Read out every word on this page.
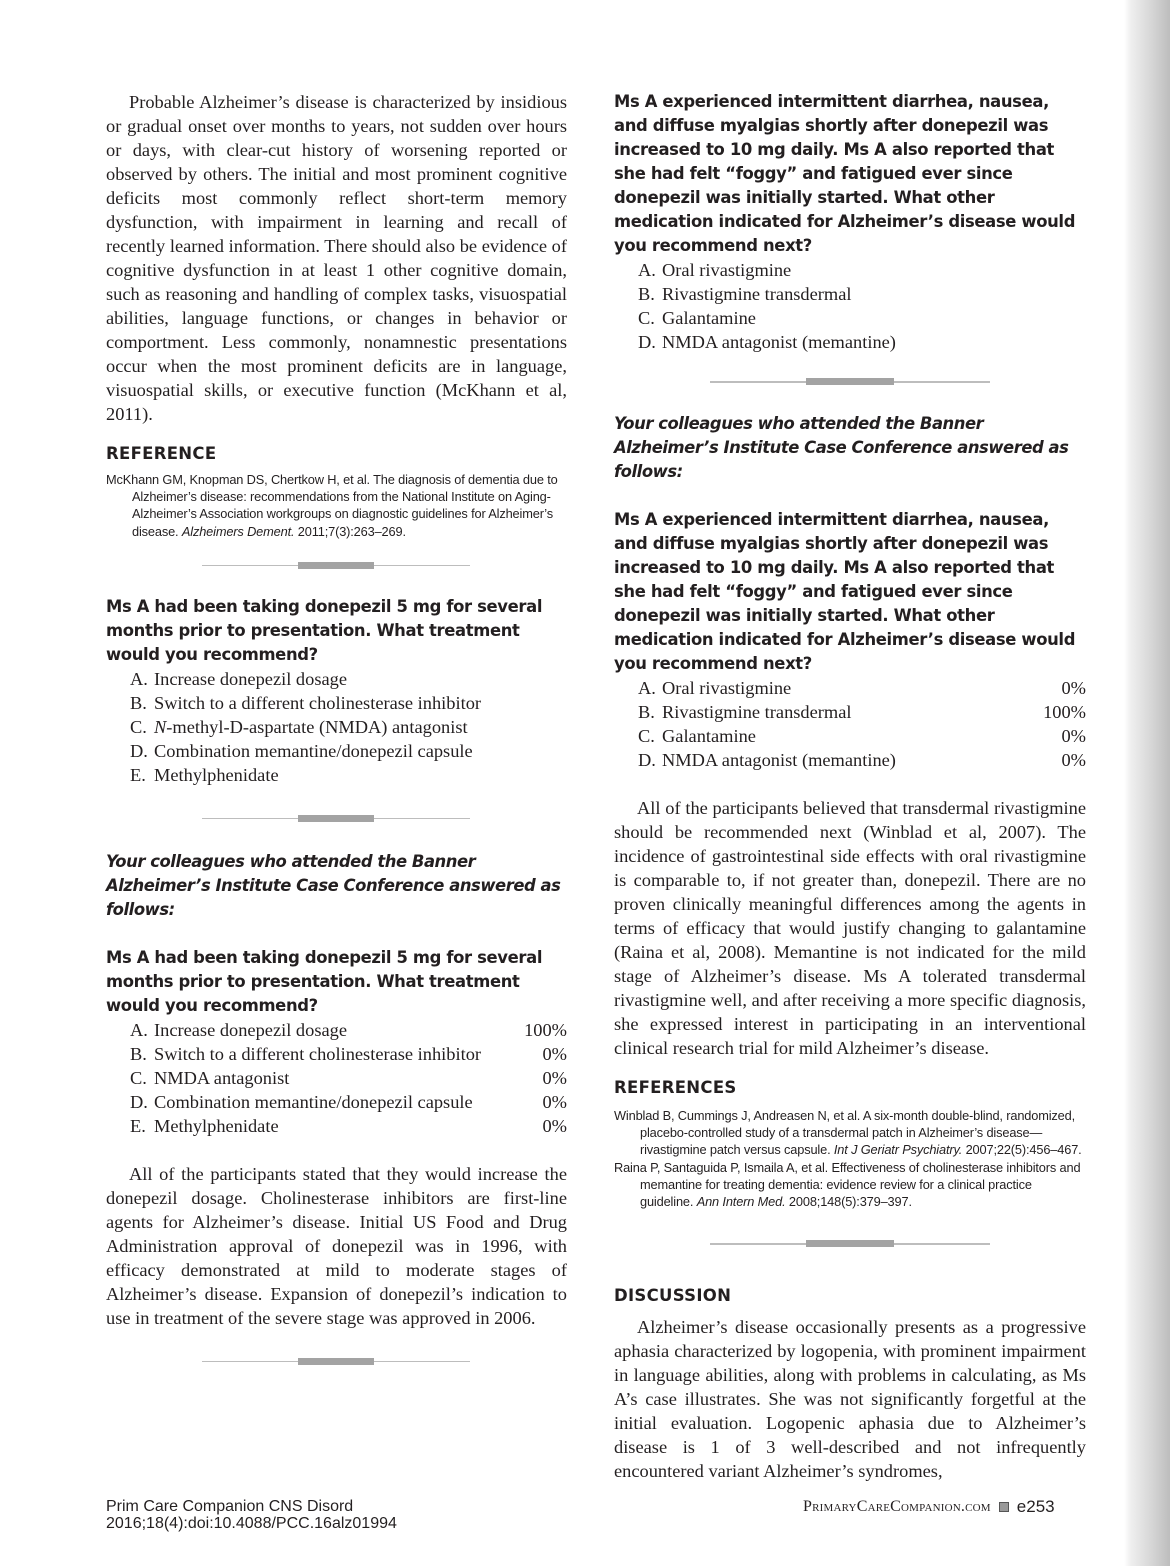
Probable Alzheimer’s disease is characterized by insidious or gradual onset over months to years, not sudden over hours or days, with clear-cut history of worsening reported or observed by others. The initial and most prominent cognitive deficits most commonly reflect short-term memory dysfunction, with impairment in learning and recall of recently learned information. There should also be evidence of cognitive dysfunction in at least 1 other cognitive domain, such as reasoning and handling of complex tasks, visuospatial abilities, language functions, or changes in behavior or comportment. Less commonly, nonamnestic presentations occur when the most prominent deficits are in language, visuospatial skills, or executive function (McKhann et al, 2011).

REFERENCE

McKhann GM, Knopman DS, Chertkow H, et al. The diagnosis of dementia due to Alzheimer’s disease: recommendations from the National Institute on Aging-Alzheimer’s Association workgroups on diagnostic guidelines for Alzheimer’s disease. Alzheimers Dement. 2011;7(3):263–269.

Ms A had been taking donepezil 5 mg for several months prior to presentation. What treatment would you recommend?

A. Increase donepezil dosage
B. Switch to a different cholinesterase inhibitor
C. N-methyl-D-aspartate (NMDA) antagonist
D. Combination memantine/donepezil capsule
E. Methylphenidate

Your colleagues who attended the Banner Alzheimer’s Institute Case Conference answered as follows:

Ms A had been taking donepezil 5 mg for several months prior to presentation. What treatment would you recommend?

A. Increase donepezil dosage	100%
B. Switch to a different cholinesterase inhibitor	0%
C. NMDA antagonist	0%
D. Combination memantine/donepezil capsule	0%
E. Methylphenidate	0%

All of the participants stated that they would increase the donepezil dosage. Cholinesterase inhibitors are first-line agents for Alzheimer’s disease. Initial US Food and Drug Administration approval of donepezil was in 1996, with efficacy demonstrated at mild to moderate stages of Alzheimer’s disease. Expansion of donepezil’s indication to use in treatment of the severe stage was approved in 2006.

Ms A experienced intermittent diarrhea, nausea, and diffuse myalgias shortly after donepezil was increased to 10 mg daily. Ms A also reported that she had felt “foggy” and fatigued ever since donepezil was initially started. What other medication indicated for Alzheimer’s disease would you recommend next?

A. Oral rivastigmine
B. Rivastigmine transdermal
C. Galantamine
D. NMDA antagonist (memantine)

Your colleagues who attended the Banner Alzheimer’s Institute Case Conference answered as follows:

Ms A experienced intermittent diarrhea, nausea, and diffuse myalgias shortly after donepezil was increased to 10 mg daily. Ms A also reported that she had felt “foggy” and fatigued ever since donepezil was initially started. What other medication indicated for Alzheimer’s disease would you recommend next?

A. Oral rivastigmine	0%
B. Rivastigmine transdermal	100%
C. Galantamine	0%
D. NMDA antagonist (memantine)	0%

All of the participants believed that transdermal rivastigmine should be recommended next (Winblad et al, 2007). The incidence of gastrointestinal side effects with oral rivastigmine is comparable to, if not greater than, donepezil. There are no proven clinically meaningful differences among the agents in terms of efficacy that would justify changing to galantamine (Raina et al, 2008). Memantine is not indicated for the mild stage of Alzheimer’s disease. Ms A tolerated transdermal rivastigmine well, and after receiving a more specific diagnosis, she expressed interest in participating in an interventional clinical research trial for mild Alzheimer’s disease.

REFERENCES

Winblad B, Cummings J, Andreasen N, et al. A six-month double-blind, randomized, placebo-controlled study of a transdermal patch in Alzheimer’s disease—rivastigmine patch versus capsule. Int J Geriatr Psychiatry. 2007;22(5):456–467.

Raina P, Santaguida P, Ismaila A, et al. Effectiveness of cholinesterase inhibitors and memantine for treating dementia: evidence review for a clinical practice guideline. Ann Intern Med. 2008;148(5):379–397.

DISCUSSION

Alzheimer’s disease occasionally presents as a progressive aphasia characterized by logopenia, with prominent impairment in language abilities, along with problems in calculating, as Ms A’s case illustrates. She was not significantly forgetful at the initial evaluation. Logopenic aphasia due to Alzheimer’s disease is 1 of 3 well-described and not infrequently encountered variant Alzheimer’s syndromes,

Prim Care Companion CNS Disord
2016;18(4):doi:10.4088/PCC.16alz01994
PrimaryCareCompanion.com e253
